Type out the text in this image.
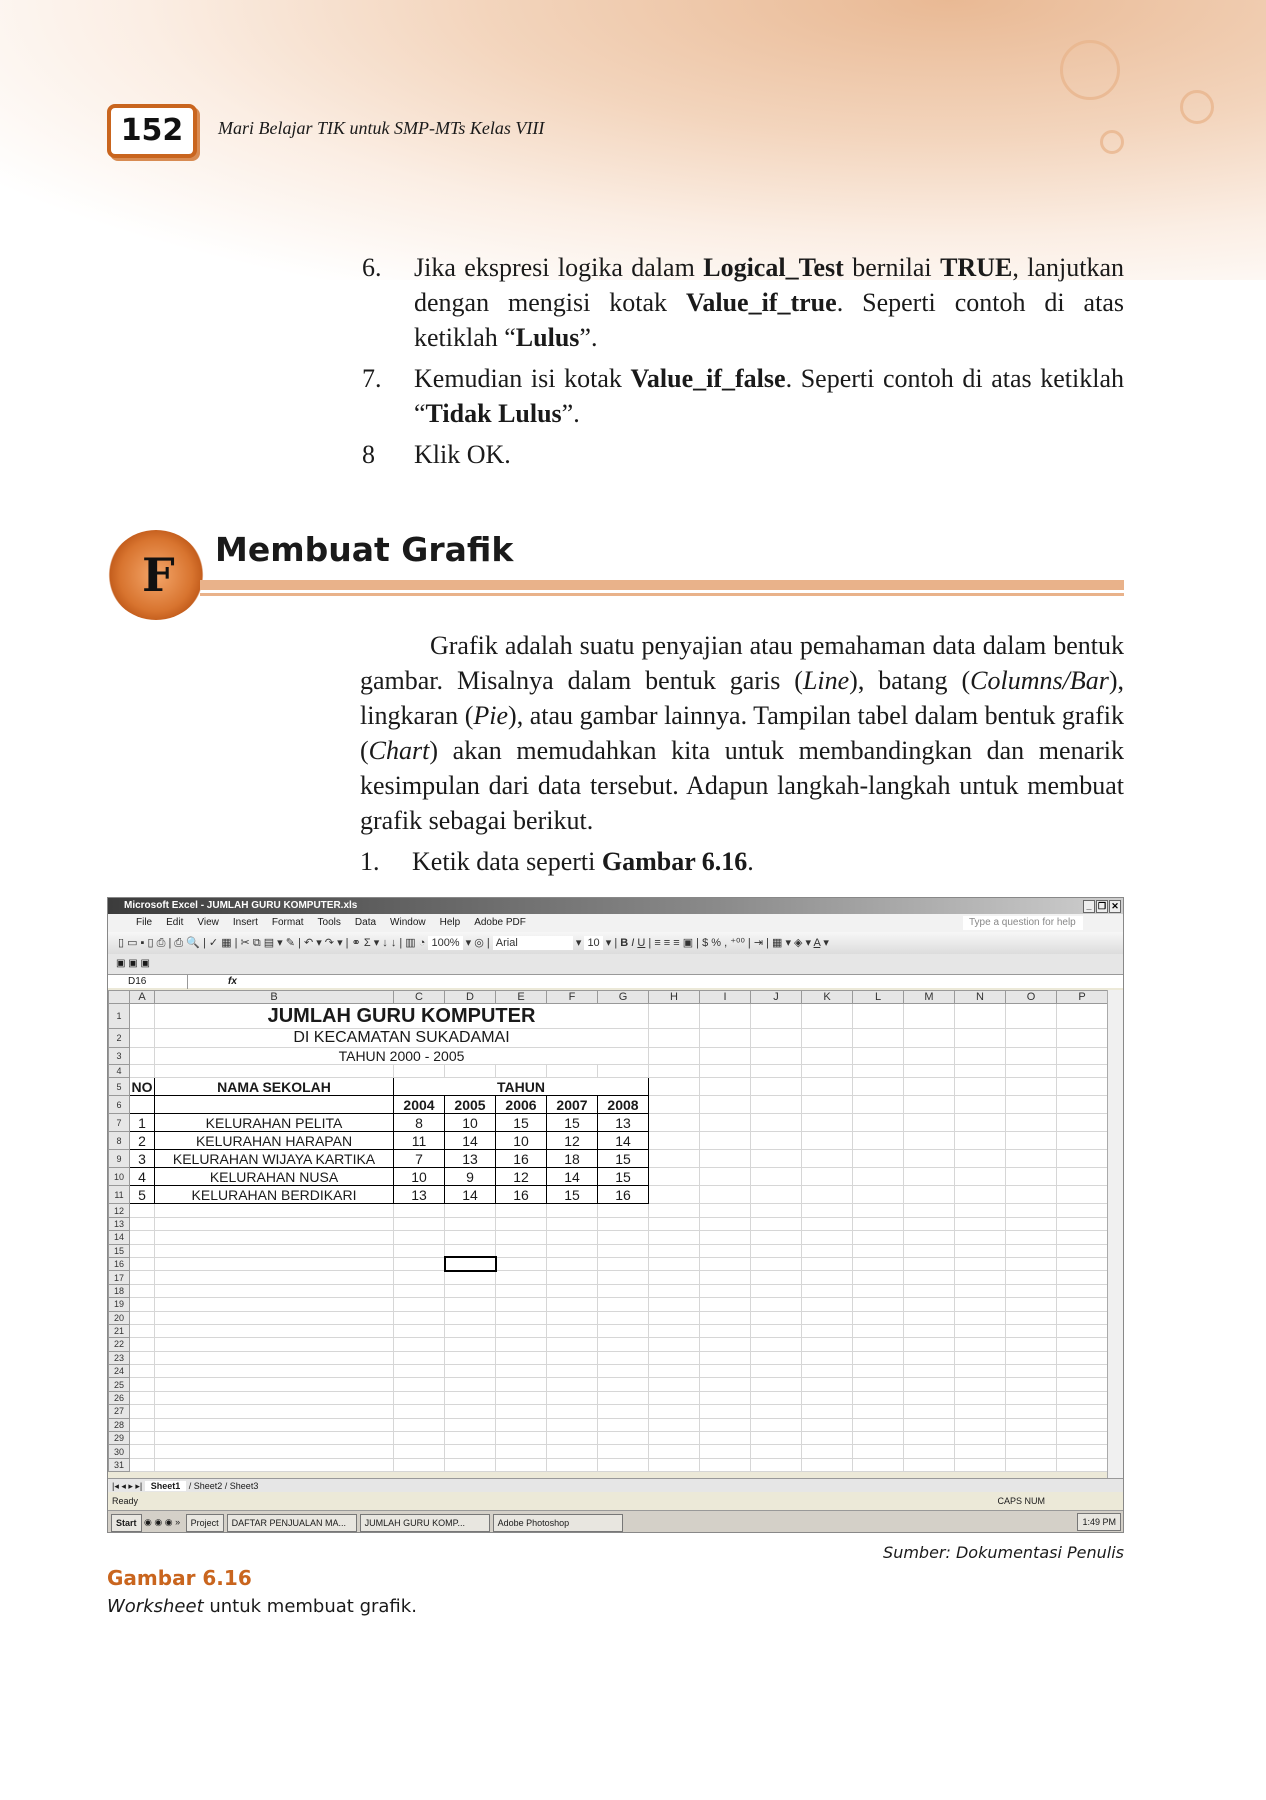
152	Mari Belajar TIK untuk SMP-MTs Kelas VIII
6. Jika ekspresi logika dalam Logical_Test bernilai TRUE, lanjutkan dengan mengisi kotak Value_if_true. Seperti contoh di atas ketiklah “Lulus”.
7. Kemudian isi kotak Value_if_false. Seperti contoh di atas ketiklah “Tidak Lulus”.
8 Klik OK.
F Membuat Grafik
Grafik adalah suatu penyajian atau pemahaman data dalam bentuk gambar. Misalnya dalam bentuk garis (Line), batang (Columns/Bar), lingkaran (Pie), atau gambar lainnya. Tampilan tabel dalam bentuk grafik (Chart) akan memudahkan kita untuk membandingkan dan menarik kesimpulan dari data tersebut. Adapun langkah-langkah untuk membuat grafik sebagai berikut.
1. Ketik data seperti Gambar 6.16.
Microsoft Excel - JUMLAH GURU KOMPUTER.xls	_ ❐ ✕
File Edit View Insert Format Tools Data Window Help Adobe PDF	Type a question for help
▯ ▭ ▪ ▯ ⎙ | ⎙ 🔍 | ✓ ▦ | ✂ ⧉ ▤ ▾ ✎ | ↶ ▾ ↷ ▾ | ⚭ Σ ▾ ↓ ↓ | ▥ ◔ 100% ▾ ◎ | Arial	▾ 10 ▾ | B I U | ≡ ≡ ≡ ▣ | $ % , ⁺⁰⁰ | ⇥ | ▦ ▾ ◈ ▾ A ▾
▣ ▣ ▣
D16	fx
	A	B	C	D	E	F	G	H	I	J	K	L	M	N	O	P
1		JUMLAH GURU KOMPUTER														
2		DI KECAMATAN SUKADAMAI														
3		TAHUN 2000 - 2005														
4																
5	NO	NAMA SEKOLAH	TAHUN													
6			2004	2005	2006	2007	2008									
7	1	KELURAHAN PELITA	8	10	15	15	13									
8	2	KELURAHAN HARAPAN	11	14	10	12	14									
9	3	KELURAHAN WIJAYA KARTIKA	7	13	16	18	15									
10	4	KELURAHAN NUSA	10	9	12	14	15									
11	5	KELURAHAN BERDIKARI	13	14	16	15	16									
12																
13																
14																
15																
16																
17																
18																
19																
20																
21																
22																
23																
24																
25																
26																
27																
28																
29																
30																
31																
|◂ ◂ ▸ ▸| Sheet1 / Sheet2 / Sheet3
Ready	CAPS NUM
Start ◉ ◉ ◉ » Project DAFTAR PENJUALAN MA... JUMLAH GURU KOMP...	Adobe Photoshop	1:49 PM
Sumber: Dokumentasi Penulis
Gambar 6.16
Worksheet untuk membuat grafik.
